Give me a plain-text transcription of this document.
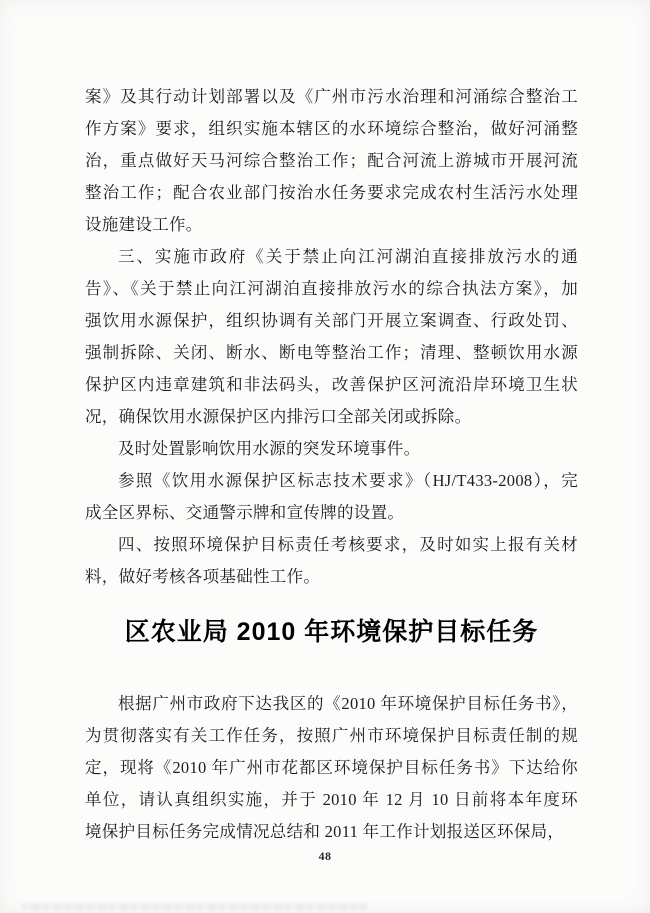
案》及其行动计划部署以及《广州市污水治理和河涌综合整治工
作方案》要求，组织实施本辖区的水环境综合整治，做好河涌整
治，重点做好天马河综合整治工作；配合河流上游城市开展河流
整治工作；配合农业部门按治水任务要求完成农村生活污水处理
设施建设工作。
三、实施市政府《关于禁止向江河湖泊直接排放污水的通
告》、《关于禁止向江河湖泊直接排放污水的综合执法方案》，加
强饮用水源保护，组织协调有关部门开展立案调查、行政处罚、
强制拆除、关闭、断水、断电等整治工作；清理、整顿饮用水源
保护区内违章建筑和非法码头，改善保护区河流沿岸环境卫生状
况，确保饮用水源保护区内排污口全部关闭或拆除。
及时处置影响饮用水源的突发环境事件。
参照《饮用水源保护区标志技术要求》（HJ/T433-2008），完
成全区界标、交通警示牌和宣传牌的设置。
四、按照环境保护目标责任考核要求，及时如实上报有关材
料，做好考核各项基础性工作。
区农业局 2010 年环境保护目标任务
根据广州市政府下达我区的《2010 年环境保护目标任务书》，
为贯彻落实有关工作任务，按照广州市环境保护目标责任制的规
定，现将《2010 年广州市花都区环境保护目标任务书》下达给你
单位，请认真组织实施，并于 2010 年 12 月 10 日前将本年度环
境保护目标任务完成情况总结和 2011 年工作计划报送区环保局，
48
